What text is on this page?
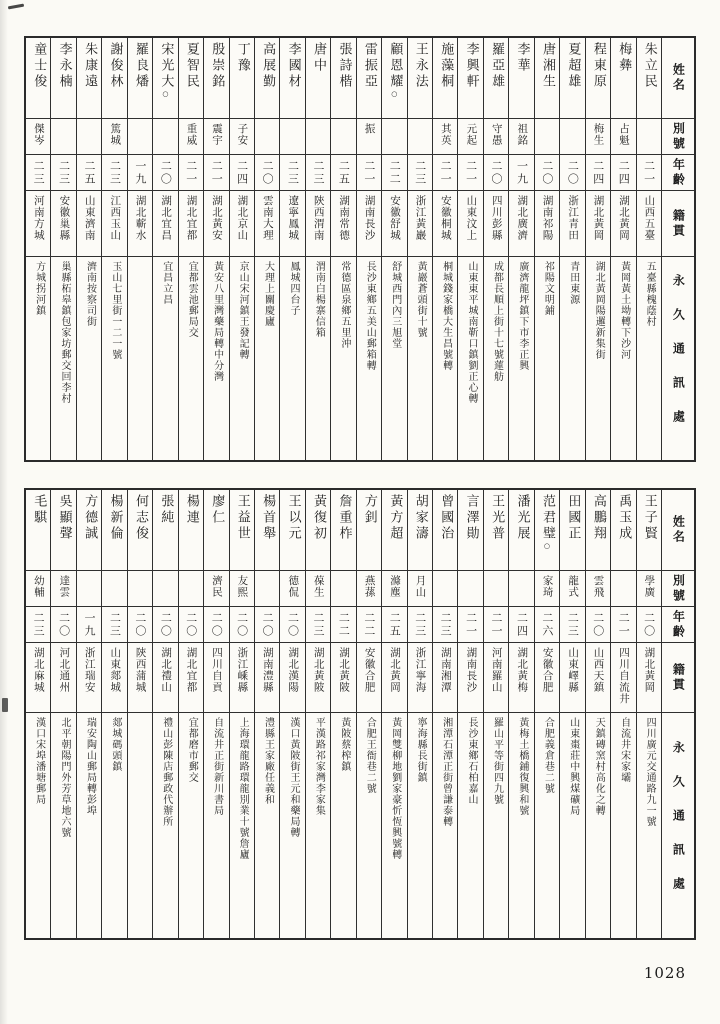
童士俊
傑岑
二三
河南方城
方城拐河鎮
李永楠
二三
安徽巢縣
巢縣柘皋鎮包家坊郵交回李村
朱康遠
二五
山東濟南
濟南按察司街
謝俊林
篤城
二三
江西玉山
玉山七里街一二一號
羅良燔
一九
湖北蘄水
宋光大○
二〇
湖北宜昌
宜昌立昌
夏智民
重威
二一
湖北宜都
宜都雲池郵局交
殷崇銘
震宇
二一
湖北黃安
黃安八里灣藥局轉中分灣
丁豫
子安
二四
湖北京山
京山宋河鎮王發記轉
高展勤
二〇
雲南大理
大理上關慶廬
李國材
二三
遼寧鳳城
鳳城四台子
唐中
二三
陝西渭南
渭南白楊寨信箱
張詩楷
二五
湖南常德
常德區泉鄉五里沖
雷振亞
振
二一
湖南長沙
長沙東鄉五美山郵箱轉
顧恩耀○
二二
安徽舒城
舒城西門內三旭堂
王永法
二三
浙江黃巖
黃巖蒼頭街十號
施藻桐
其英
二一
安徽桐城
桐城錢家橋大生昌號轉
李興軒
元起
二一
山東汶上
山東東平城南靳口鎮劉正心轉
羅亞雄
守愚
二〇
四川彭縣
成都長順上街十七號蓮舫
李華
祖銘
一九
湖北廣濟
廣濟龍坪鎮下市李正興
唐湘生
二〇
湖南祁陽
祁陽文明鋪
夏超雄
二〇
浙江青田
青田東源
程東原
梅生
二四
湖北黃岡
湖北黃岡陽邏新集街
梅彝
占魁
二四
湖北黃岡
黃岡黃土坳轉下沙河
朱立民
二一
山西五臺
五臺縣槐蔭村
姓名
別號
年齡
籍貫
永久通訊處
毛騏
幼輔
二三
湖北麻城
漢口宋埠潘塘郵局
吳顯聲
達雲
二〇
河北通州
北平朝陽門外芳草地六號
方德誠
一九
浙江瑞安
瑞安陶山郵局轉彭埠
楊新倫
二三
山東郯城
郯城碼頭鎮
何志俊
二〇
陝西蒲城
張純
二〇
湖北禮山
禮山彭陳店郵政代辦所
楊連
二〇
湖北宜都
宜都磨市郵交
廖仁
濟民
二〇
四川自貢
自流井正街新川書局
王益世
友熙
二〇
浙江嵊縣
上海環龍路環龍別業十號詹廬
楊首舉
二〇
湖南澧縣
澧縣王家廠任義和
王以元
德侃
二〇
湖北漢陽
漢口黃陂街王元和藥局轉
黃復初
葆生
二三
湖北黃陂
平漢路祁家灣李家集
詹重柞
二二
湖北黃陂
黃陂蔡榨鎮
方釗
燕蓀
二二
安徽合肥
合肥王衙巷二號
黃方超
滌塵
二五
湖北黃岡
黃岡雙柳地劉家豪忻恆興號轉
胡家濤
月山
二三
浙江寧海
寧海縣長街鎮
曾國治
二三
湖南湘潭
湘潭石潭正街曾謙泰轉
言澤勛
二一
湖南長沙
長沙東鄉石柏嘉山
王光普
二一
河南羅山
羅山平等街四九號
潘光展
二四
湖北黃梅
黃梅土橋鋪復興和號
范君璧○
家琦
二六
安徽合肥
合肥義倉巷二號
田國正
龍式
二三
山東嶧縣
山東棗莊中興煤礦局
高鵬翔
雲飛
二〇
山西天鎮
天鎮磚窯村高化之轉
禹玉成
二一
四川自流井
自流井宋家壩
王子賢
學廣
二〇
湖北黃岡
四川廣元交通路九一號
姓名
別號
年齡
籍貫
永久通訊處
1028
